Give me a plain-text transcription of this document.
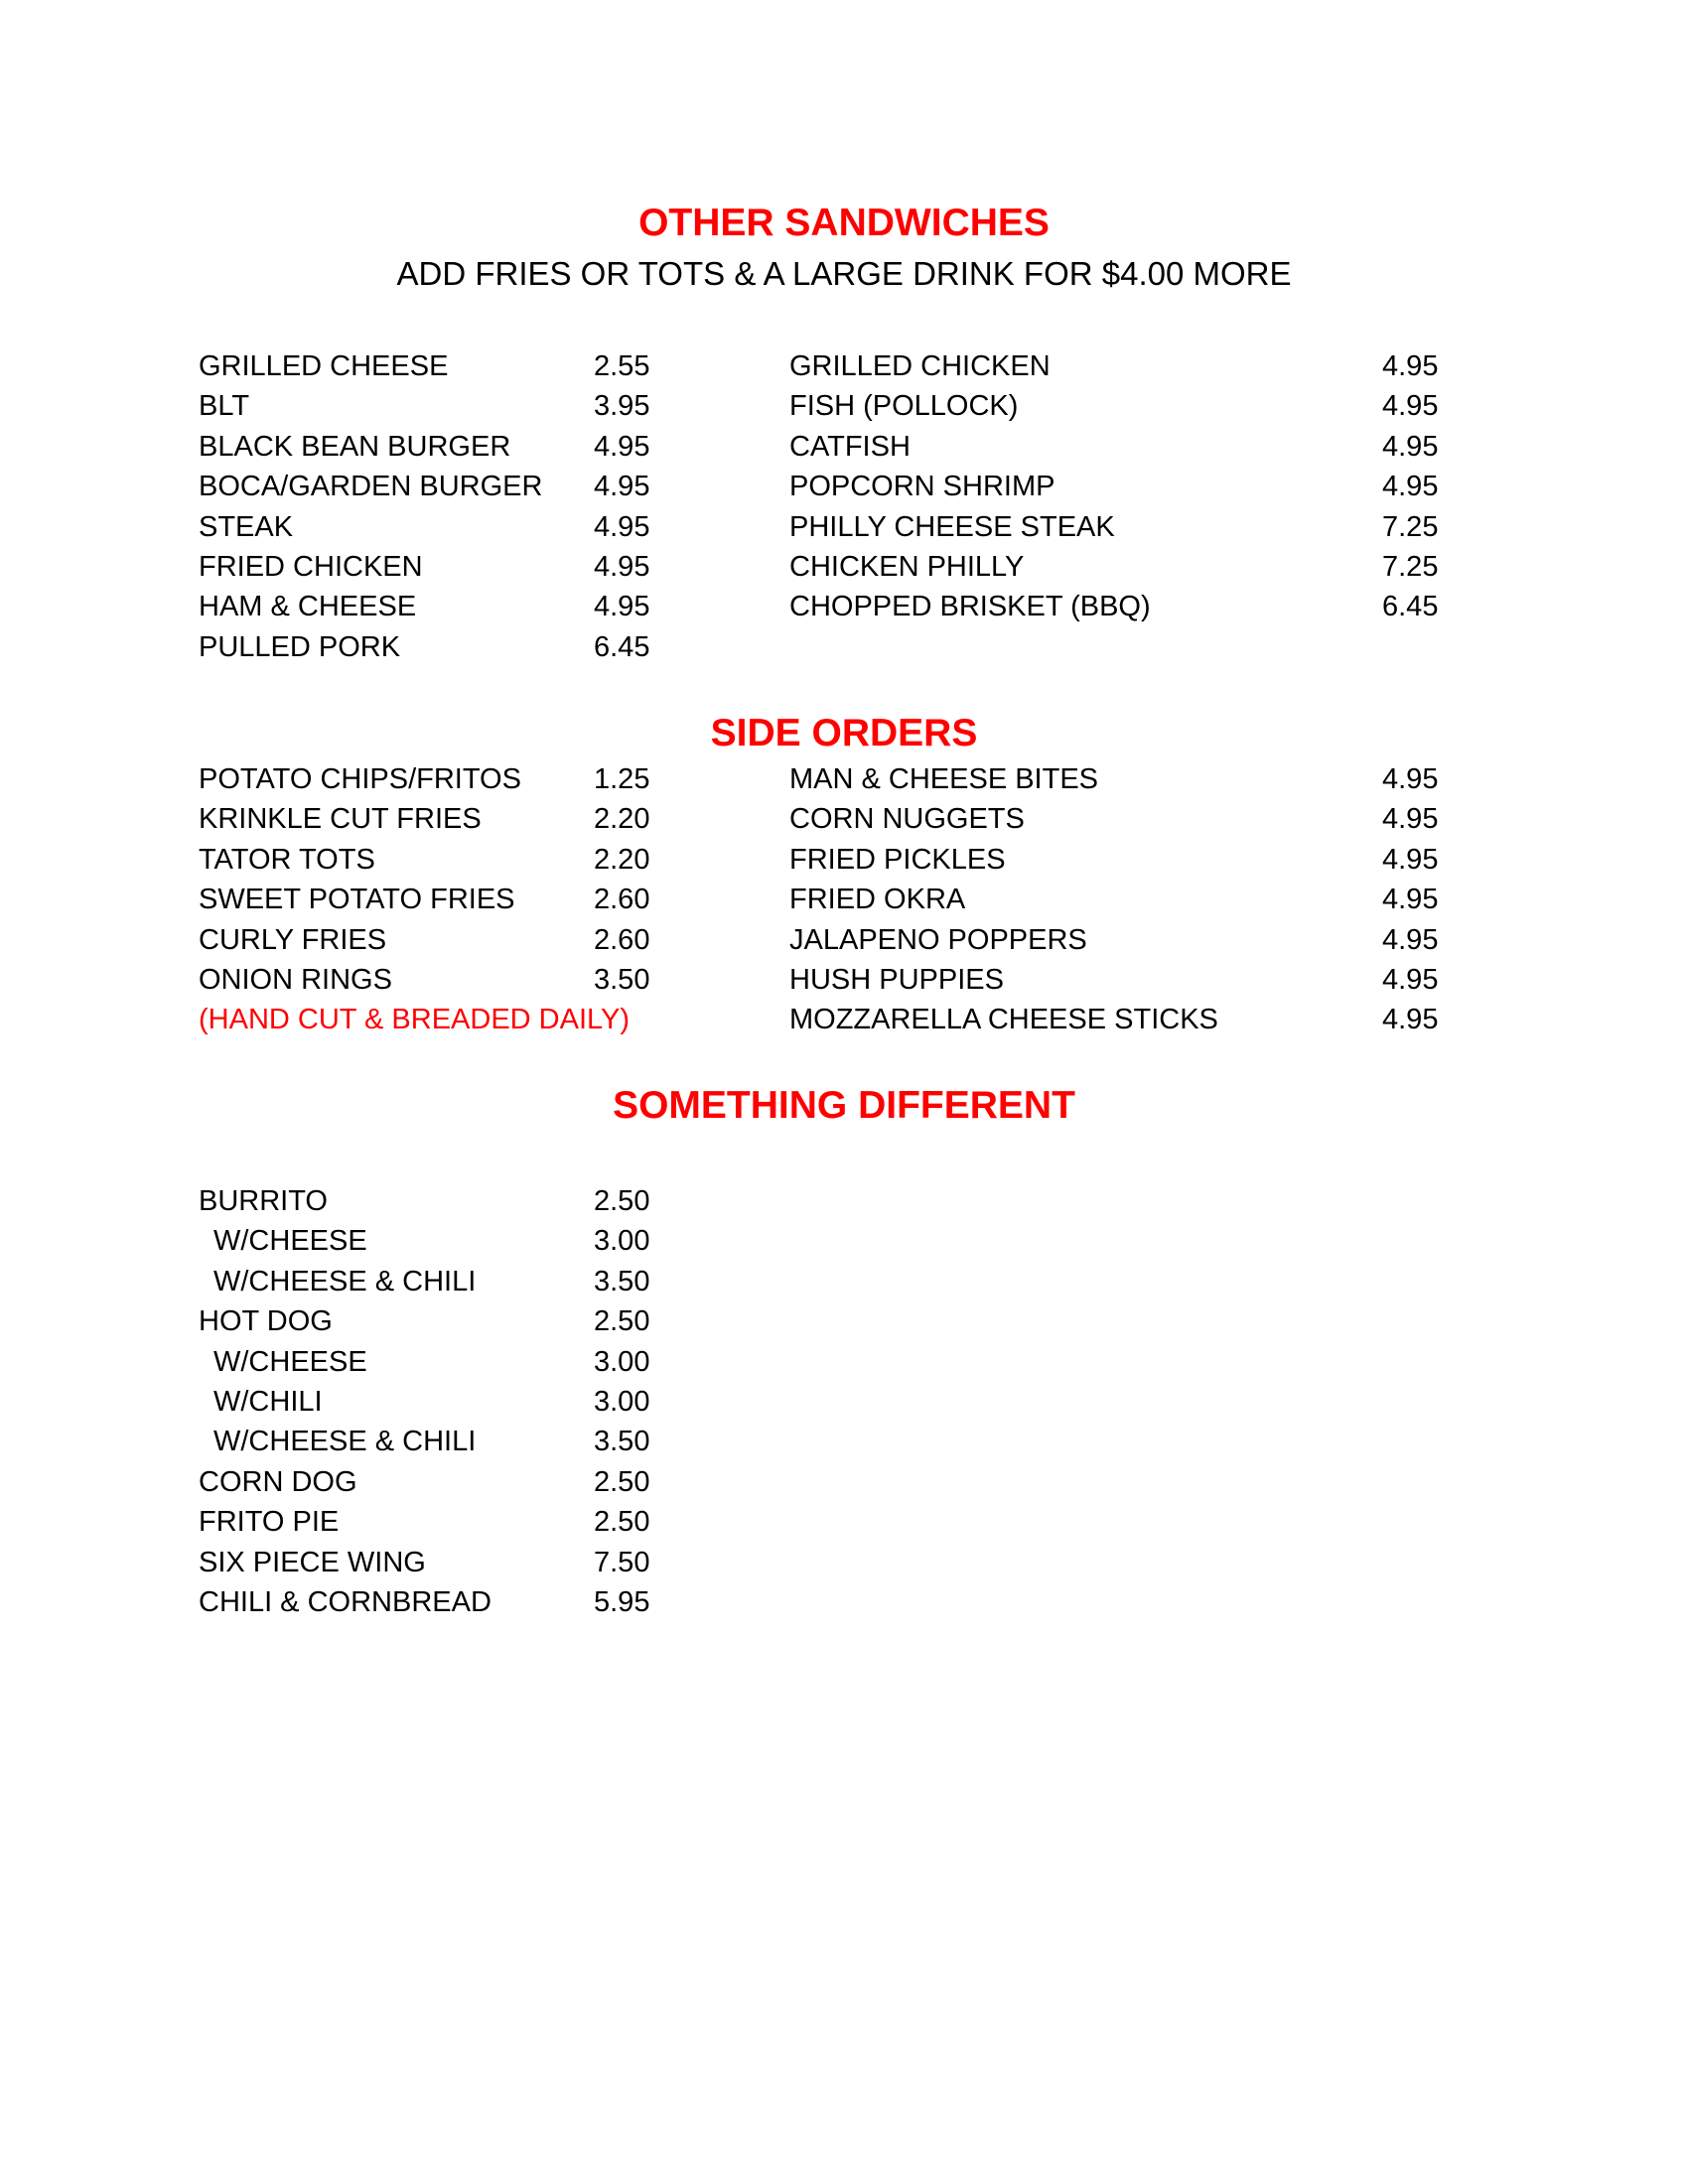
OTHER SANDWICHES
ADD FRIES OR TOTS & A LARGE DRINK FOR $4.00 MORE
GRILLED CHEESE	2.55
BLT	3.95
BLACK BEAN BURGER	4.95
BOCA/GARDEN BURGER 4.95
STEAK	4.95
FRIED CHICKEN	4.95
HAM & CHEESE	4.95
PULLED PORK	6.45
GRILLED CHICKEN	4.95
FISH (POLLOCK)	4.95
CATFISH	4.95
POPCORN SHRIMP	4.95
PHILLY CHEESE STEAK	7.25
CHICKEN PHILLY	7.25
CHOPPED BRISKET (BBQ)	6.45
SIDE ORDERS
POTATO CHIPS/FRITOS	1.25
KRINKLE CUT FRIES	2.20
TATOR TOTS	2.20
SWEET POTATO FRIES	2.60
CURLY FRIES	2.60
ONION RINGS	3.50
(HAND CUT & BREADED DAILY)
MAN & CHEESE BITES	4.95
CORN NUGGETS	4.95
FRIED PICKLES	4.95
FRIED OKRA	4.95
JALAPENO POPPERS	4.95
HUSH PUPPIES	4.95
MOZZARELLA CHEESE STICKS	4.95
SOMETHING DIFFERENT
BURRITO	2.50
W/CHEESE	3.00
W/CHEESE & CHILI	3.50
HOT DOG	2.50
W/CHEESE	3.00
W/CHILI	3.00
W/CHEESE & CHILI	3.50
CORN DOG	2.50
FRITO PIE	2.50
SIX PIECE WING	7.50
CHILI & CORNBREAD	5.95
